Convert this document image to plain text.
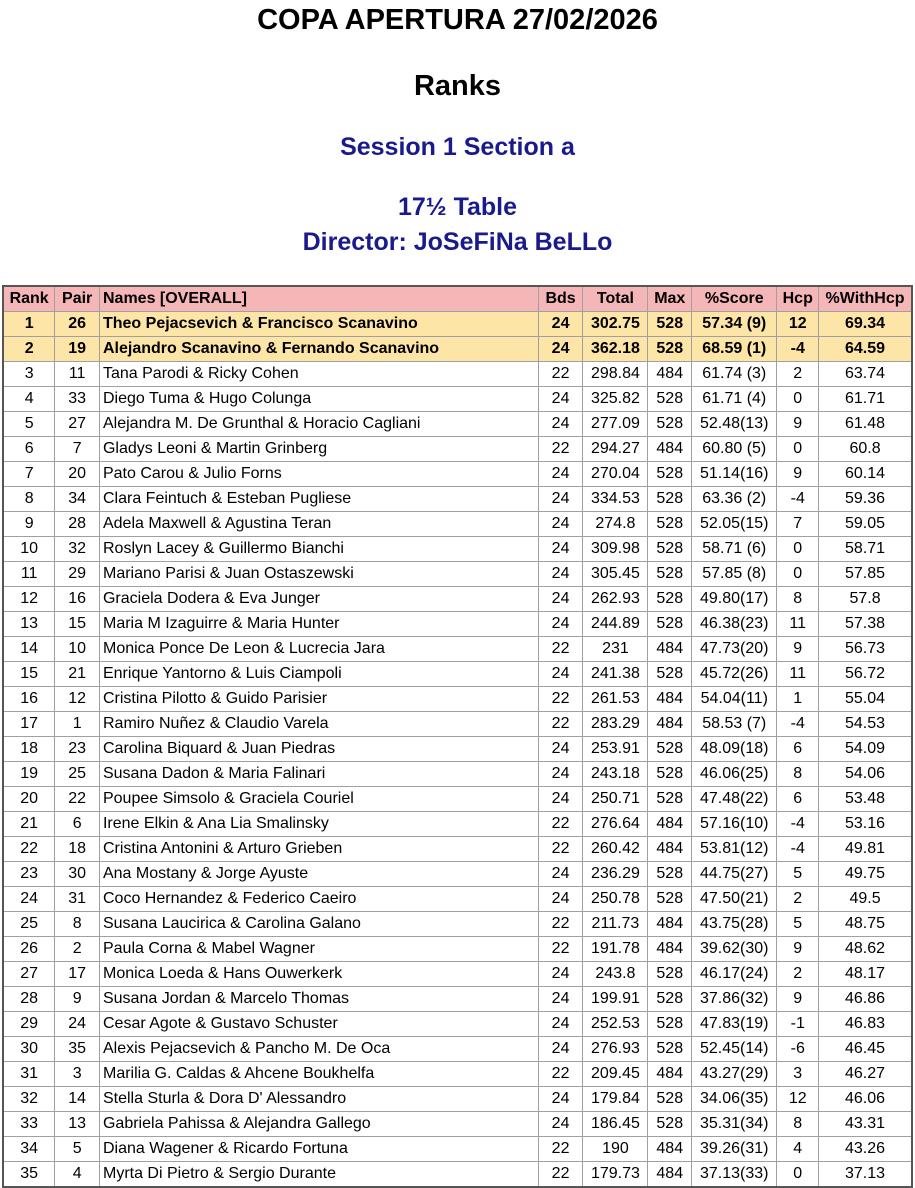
COPA APERTURA 27/02/2026
Ranks
Session 1 Section a
17½ Table
Director: JoSeFiNa BeLLo
Rank	Pair	Names [OVERALL]	Bds	Total	Max	%Score	Hcp	%WithHcp
1	26	Theo Pejacsevich & Francisco Scanavino	24	302.75	528	57.34 (9)	12	69.34
2	19	Alejandro Scanavino & Fernando Scanavino	24	362.18	528	68.59 (1)	-4	64.59
3	11	Tana Parodi & Ricky Cohen	22	298.84	484	61.74 (3)	2	63.74
4	33	Diego Tuma & Hugo Colunga	24	325.82	528	61.71 (4)	0	61.71
5	27	Alejandra M. De Grunthal & Horacio Cagliani	24	277.09	528	52.48(13)	9	61.48
6	7	Gladys Leoni & Martin Grinberg	22	294.27	484	60.80 (5)	0	60.8
7	20	Pato Carou & Julio Forns	24	270.04	528	51.14(16)	9	60.14
8	34	Clara Feintuch & Esteban Pugliese	24	334.53	528	63.36 (2)	-4	59.36
9	28	Adela Maxwell & Agustina Teran	24	274.8	528	52.05(15)	7	59.05
10	32	Roslyn Lacey & Guillermo Bianchi	24	309.98	528	58.71 (6)	0	58.71
11	29	Mariano Parisi & Juan Ostaszewski	24	305.45	528	57.85 (8)	0	57.85
12	16	Graciela Dodera & Eva Junger	24	262.93	528	49.80(17)	8	57.8
13	15	Maria M Izaguirre & Maria Hunter	24	244.89	528	46.38(23)	11	57.38
14	10	Monica Ponce De Leon & Lucrecia Jara	22	231	484	47.73(20)	9	56.73
15	21	Enrique Yantorno & Luis Ciampoli	24	241.38	528	45.72(26)	11	56.72
16	12	Cristina Pilotto & Guido Parisier	22	261.53	484	54.04(11)	1	55.04
17	1	Ramiro Nuñez & Claudio Varela	22	283.29	484	58.53 (7)	-4	54.53
18	23	Carolina Biquard & Juan Piedras	24	253.91	528	48.09(18)	6	54.09
19	25	Susana Dadon & Maria Falinari	24	243.18	528	46.06(25)	8	54.06
20	22	Poupee Simsolo & Graciela Couriel	24	250.71	528	47.48(22)	6	53.48
21	6	Irene Elkin & Ana Lia Smalinsky	22	276.64	484	57.16(10)	-4	53.16
22	18	Cristina Antonini & Arturo Grieben	22	260.42	484	53.81(12)	-4	49.81
23	30	Ana Mostany & Jorge Ayuste	24	236.29	528	44.75(27)	5	49.75
24	31	Coco Hernandez & Federico Caeiro	24	250.78	528	47.50(21)	2	49.5
25	8	Susana Laucirica & Carolina Galano	22	211.73	484	43.75(28)	5	48.75
26	2	Paula Corna & Mabel Wagner	22	191.78	484	39.62(30)	9	48.62
27	17	Monica Loeda & Hans Ouwerkerk	24	243.8	528	46.17(24)	2	48.17
28	9	Susana Jordan & Marcelo Thomas	24	199.91	528	37.86(32)	9	46.86
29	24	Cesar Agote & Gustavo Schuster	24	252.53	528	47.83(19)	-1	46.83
30	35	Alexis Pejacsevich & Pancho M. De Oca	24	276.93	528	52.45(14)	-6	46.45
31	3	Marilia G. Caldas & Ahcene Boukhelfa	22	209.45	484	43.27(29)	3	46.27
32	14	Stella Sturla & Dora D' Alessandro	24	179.84	528	34.06(35)	12	46.06
33	13	Gabriela Pahissa & Alejandra Gallego	24	186.45	528	35.31(34)	8	43.31
34	5	Diana Wagener & Ricardo Fortuna	22	190	484	39.26(31)	4	43.26
35	4	Myrta Di Pietro & Sergio Durante	22	179.73	484	37.13(33)	0	37.13
